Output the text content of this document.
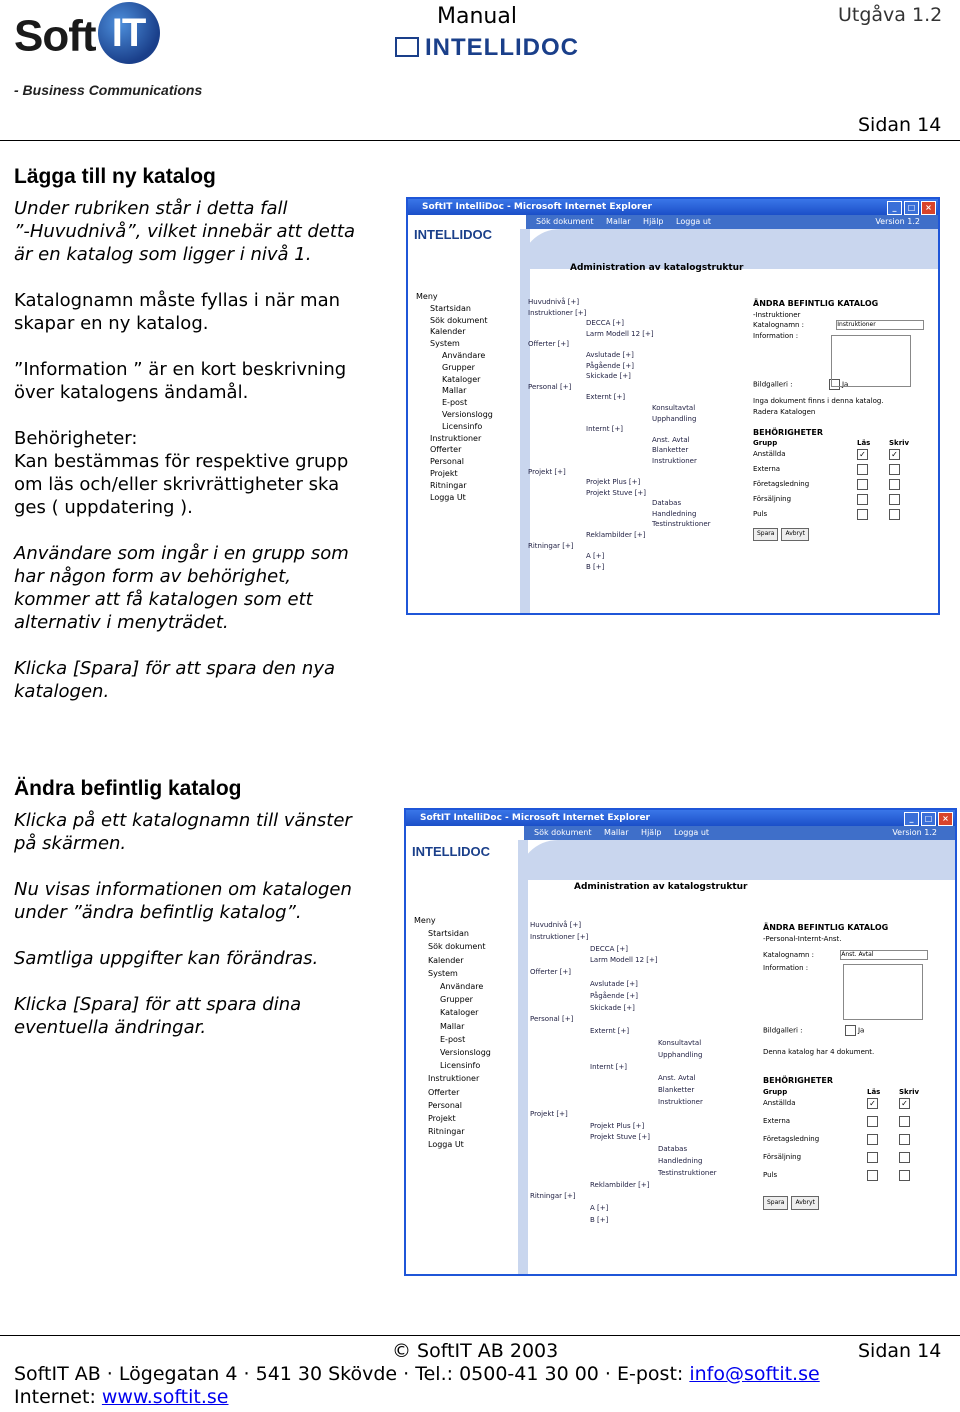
Soft IT
- Business Communications
Manual	Utgåva 1.2
INTELLIDOC
Sidan 14
Lägga till ny katalog
Under rubriken står i detta fall
”-Huvudnivå”, vilket innebär att detta
är en katalog som ligger i nivå 1.
Katalognamn måste fyllas i när man
skapar en ny katalog.
”Information ” är en kort beskrivning
över katalogens ändamål.
Behörigheter:
Kan bestämmas för respektive grupp
om läs och/eller skrivrättigheter ska
ges ( uppdatering ).
Användare som ingår i en grupp som
har någon form av behörighet,
kommer att få katalogen som ett
alternativ i menyträdet.
Klicka [Spara] för att spara den nya
katalogen.
Ändra befintlig katalog
Klicka på ett katalognamn till vänster
på skärmen.
Nu visas informationen om katalogen
under ”ändra befintlig katalog”.
Samtliga uppgifter kan förändras.
Klicka [Spara] för att spara dina
eventuella ändringar.
SoftIT IntelliDoc - Microsoft Internet Explorer	_ □ ×
Sök dokument Mallar Hjälp Logga ut	Version 1.2
INTELLIDOC
Administration av katalogstruktur
Meny
Startsidan
Sök dokument
Kalender
System
Användare
Grupper
Kataloger
Mallar
E-post
Versionslogg
Licensinfo
Instruktioner
Offerter
Personal
Projekt
Ritningar
Logga Ut
Huvudnivå [+]
Instruktioner [+]
DECCA [+]
Larm Modell 12 [+]
Offerter [+]
Avslutade [+]
Pågående [+]
Skickade [+]
Personal [+]
Externt [+]
Konsultavtal
Upphandling
Internt [+]
Anst. Avtal
Blanketter
Instruktioner
Projekt [+]
Projekt Plus [+]
Projekt Stuve [+]
Databas
Handledning
Testinstruktioner
Reklambilder [+]
Ritningar [+]
A [+]
B [+]
ÄNDRA BEFINTLIG KATALOG
-Instruktioner
Katalognamn :	Instruktioner
Information :
Bildgalleri :	Ja
Inga dokument finns i denna katalog.
Radera Katalogen
BEHÖRIGHETER
Grupp	Läs	Skriv
Anställda	✓	✓
Externa
Företagsledning
Försäljning
Puls
Spara Avbryt
SoftIT IntelliDoc - Microsoft Internet Explorer	_ □ ×
Sök dokument Mallar Hjälp Logga ut	Version 1.2
INTELLIDOC
Administration av katalogstruktur
Meny
Startsidan
Sök dokument
Kalender
System
Användare
Grupper
Kataloger
Mallar
E-post
Versionslogg
Licensinfo
Instruktioner
Offerter
Personal
Projekt
Ritningar
Logga Ut
Huvudnivå [+]
Instruktioner [+]
DECCA [+]
Larm Modell 12 [+]
Offerter [+]
Avslutade [+]
Pågående [+]
Skickade [+]
Personal [+]
Externt [+]
Konsultavtal
Upphandling
Internt [+]
Anst. Avtal
Blanketter
Instruktioner
Projekt [+]
Projekt Plus [+]
Projekt Stuve [+]
Databas
Handledning
Testinstruktioner
Reklambilder [+]
Ritningar [+]
A [+]
B [+]
ÄNDRA BEFINTLIG KATALOG
-Personal-Internt-Anst.
Katalognamn :	Anst. Avtal
Information :
Bildgalleri :	Ja
Denna katalog har 4 dokument.
BEHÖRIGHETER
Grupp	Läs	Skriv
Anställda	✓	✓
Externa
Företagsledning
Försäljning
Puls
Spara Avbryt
© SoftIT AB 2003	Sidan 14
SoftIT AB · Lögegatan 4 · 541 30 Skövde · Tel.: 0500-41 30 00 · E-post: info@softit.se
Internet: www.softit.se
